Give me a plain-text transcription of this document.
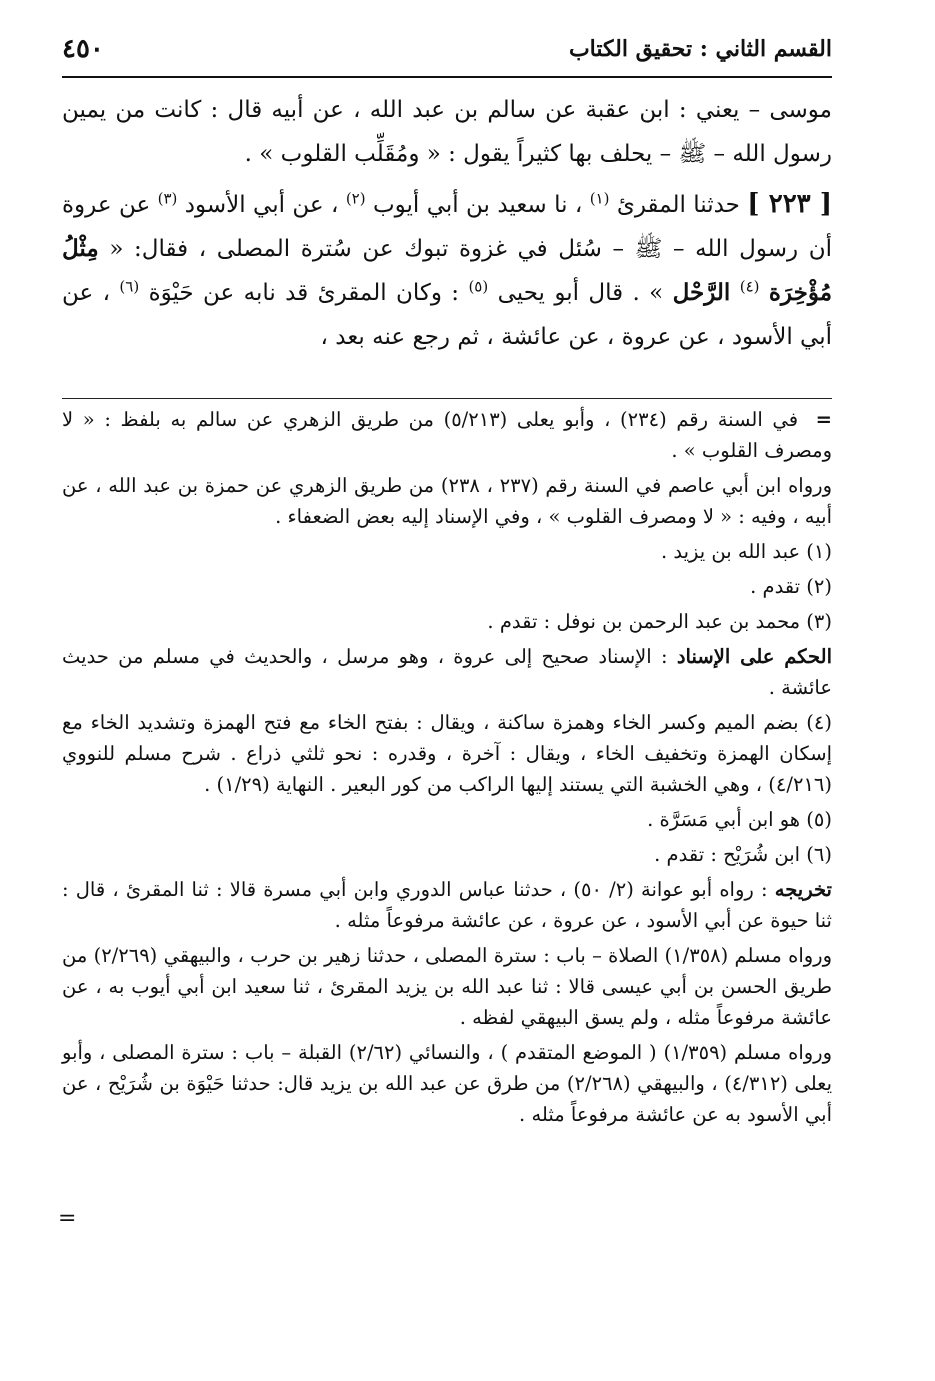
٤٥٠	القسم الثاني : تحقيق الكتاب

موسى – يعني : ابن عقبة عن سالم بن عبد الله ، عن أبيه قال : كانت من يمين رسول الله – ﷺ – يحلف بها كثيراً يقول : « ومُقَلِّب القلوب » .

[ ٢٢٣ ] حدثنا المقرئ $^{(١)}$ ، نا سعيد بن أبي أيوب $^{(٢)}$ ، عن أبي الأسود $^{(٣)}$ عن عروة أن رسول الله – ﷺ – سُئل في غزوة تبوك عن سُترة المصلى ، فقال: « مِثْلُ مُؤْخِرَة $^{(٤)}$ الرَّحْل » . قال أبو يحيى $^{(٥)}$ : وكان المقرئ قد نابه عن حَيْوَة $^{(٦)}$ ، عن أبي الأسود ، عن عروة ، عن عائشة ، ثم رجع عنه بعد ،

= في السنة رقم (٢٣٤) ، وأبو يعلى (٥/٢١٣) من طريق الزهري عن سالم به بلفظ : « لا ومصرف القلوب » .

ورواه ابن أبي عاصم في السنة رقم (٢٣٧ ، ٢٣٨) من طريق الزهري عن حمزة بن عبد الله ، عن أبيه ، وفيه : « لا ومصرف القلوب » ، وفي الإسناد إليه بعض الضعفاء .

(١) عبد الله بن يزيد .

(٢) تقدم .

(٣) محمد بن عبد الرحمن بن نوفل : تقدم .

الحكم على الإسناد : الإسناد صحيح إلى عروة ، وهو مرسل ، والحديث في مسلم من حديث عائشة .

(٤) بضم الميم وكسر الخاء وهمزة ساكنة ، ويقال : بفتح الخاء مع فتح الهمزة وتشديد الخاء مع إسكان الهمزة وتخفيف الخاء ، ويقال : آخرة ، وقدره : نحو ثلثي ذراع . شرح مسلم للنووي (٤/٢١٦) ، وهي الخشبة التي يستند إليها الراكب من كور البعير . النهاية (١/٢٩) .

(٥) هو ابن أبي مَسَرَّة .

(٦) ابن شُرَيْح : تقدم .

تخريجه : رواه أبو عوانة (٢/ ٥٠) ، حدثنا عباس الدوري وابن أبي مسرة قالا : ثنا المقرئ ، قال : ثنا حيوة عن أبي الأسود ، عن عروة ، عن عائشة مرفوعاً مثله .

ورواه مسلم (١/٣٥٨) الصلاة – باب : سترة المصلى ، حدثنا زهير بن حرب ، والبيهقي (٢/٢٦٩) من طريق الحسن بن أبي عيسى قالا : ثنا عبد الله بن يزيد المقرئ ، ثنا سعيد ابن أبي أيوب به ، عن عائشة مرفوعاً مثله ، ولم يسق البيهقي لفظه .

ورواه مسلم (١/٣٥٩) ( الموضع المتقدم ) ، والنسائي (٢/٦٢) القبلة – باب : سترة المصلى ، وأبو يعلى (٤/٣١٢) ، والبيهقي (٢/٢٦٨) من طرق عن عبد الله بن يزيد قال: حدثنا حَيْوَة بن شُرَيْح ، عن أبي الأسود به عن عائشة مرفوعاً مثله .

=
